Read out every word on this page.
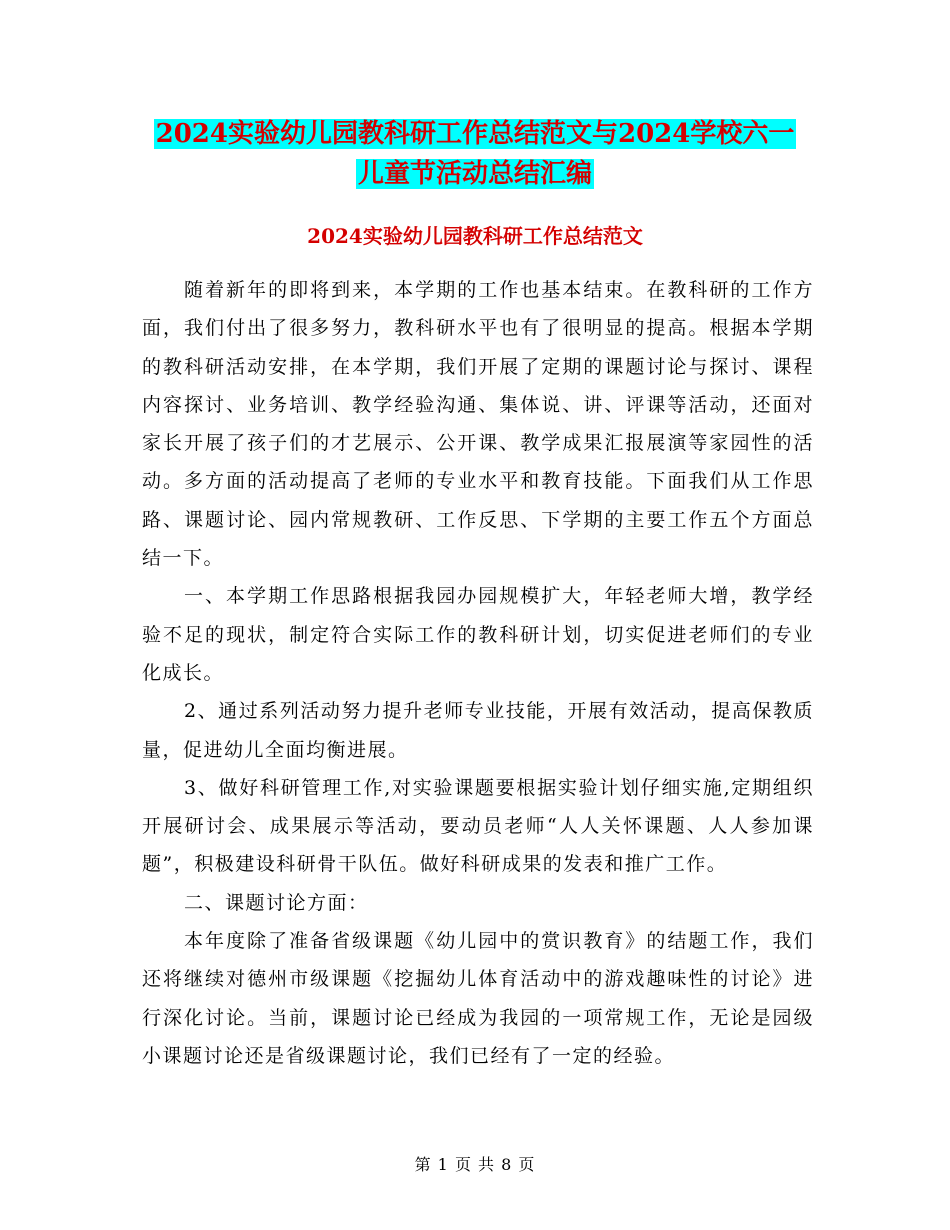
2024实验幼儿园教科研工作总结范文与2024学校六一
儿童节活动总结汇编
2024实验幼儿园教科研工作总结范文

随着新年的即将到来，本学期的工作也基本结束。在教科研的工作方面，我们付出了很多努力，教科研水平也有了很明显的提高。根据本学期的教科研活动安排，在本学期，我们开展了定期的课题讨论与探讨、课程内容探讨、业务培训、教学经验沟通、集体说、讲、评课等活动，还面对家长开展了孩子们的才艺展示、公开课、教学成果汇报展演等家园性的活动。多方面的活动提高了老师的专业水平和教育技能。下面我们从工作思路、课题讨论、园内常规教研、工作反思、下学期的主要工作五个方面总结一下。

一、本学期工作思路根据我园办园规模扩大，年轻老师大增，教学经验不足的现状，制定符合实际工作的教科研计划，切实促进老师们的专业化成长。

2、通过系列活动努力提升老师专业技能，开展有效活动，提高保教质量，促进幼儿全面均衡进展。

3、做好科研管理工作,对实验课题要根据实验计划仔细实施,定期组织开展研讨会、成果展示等活动，要动员老师“人人关怀课题、人人参加课题”，积极建设科研骨干队伍。做好科研成果的发表和推广工作。

二、课题讨论方面：

本年度除了准备省级课题《幼儿园中的赏识教育》的结题工作，我们还将继续对德州市级课题《挖掘幼儿体育活动中的游戏趣味性的讨论》进行深化讨论。当前，课题讨论已经成为我园的一项常规工作，无论是园级小课题讨论还是省级课题讨论，我们已经有了一定的经验。

第 1 页 共 8 页
